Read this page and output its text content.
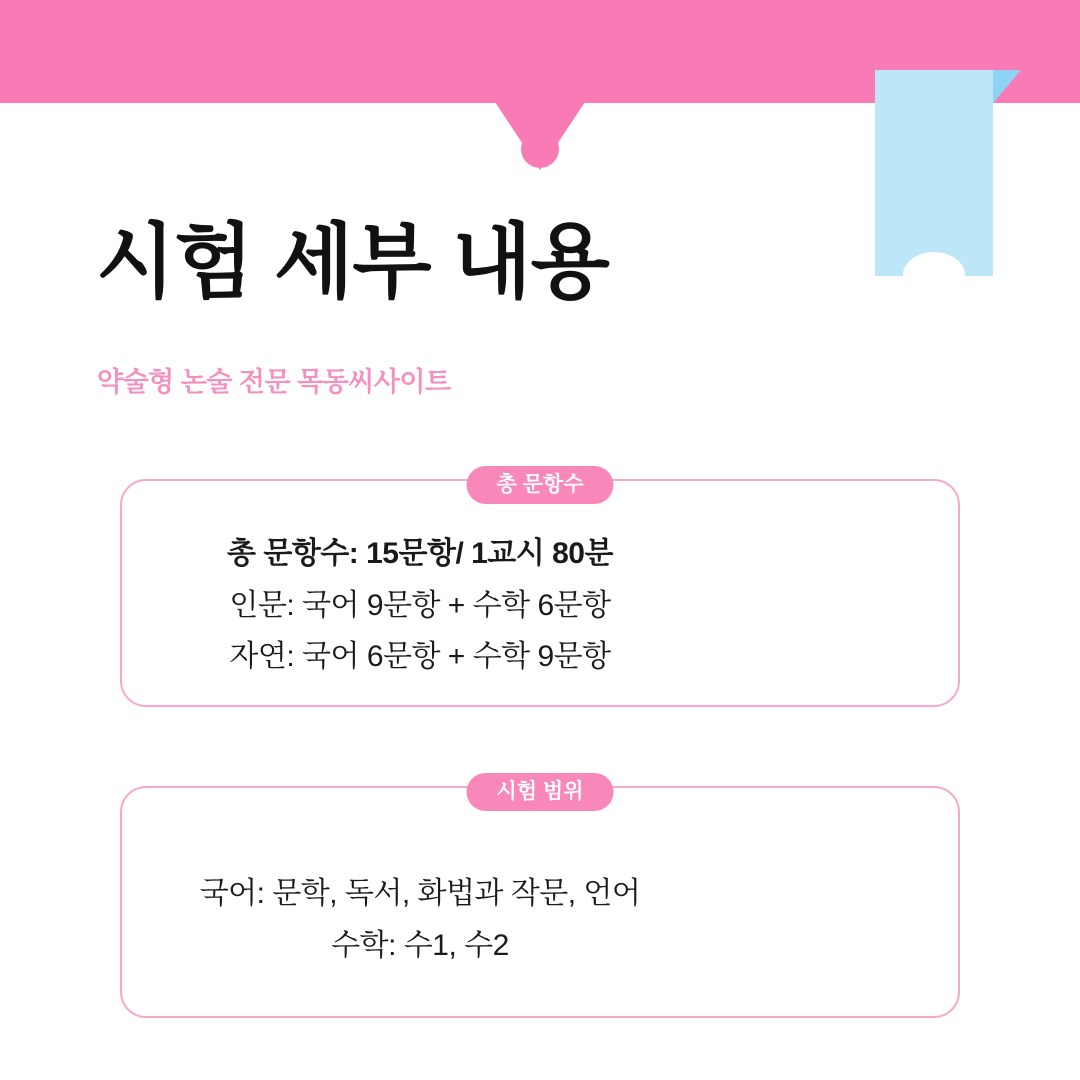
시험 세부 내용
약술형 논술 전문 목동씨사이트
총 문항수
총 문항수: 15문항/ 1교시 80분
인문: 국어 9문항 + 수학 6문항
자연: 국어 6문항 + 수학 9문항
시험 범위
국어: 문학, 독서, 화법과 작문, 언어
수학: 수1, 수2
